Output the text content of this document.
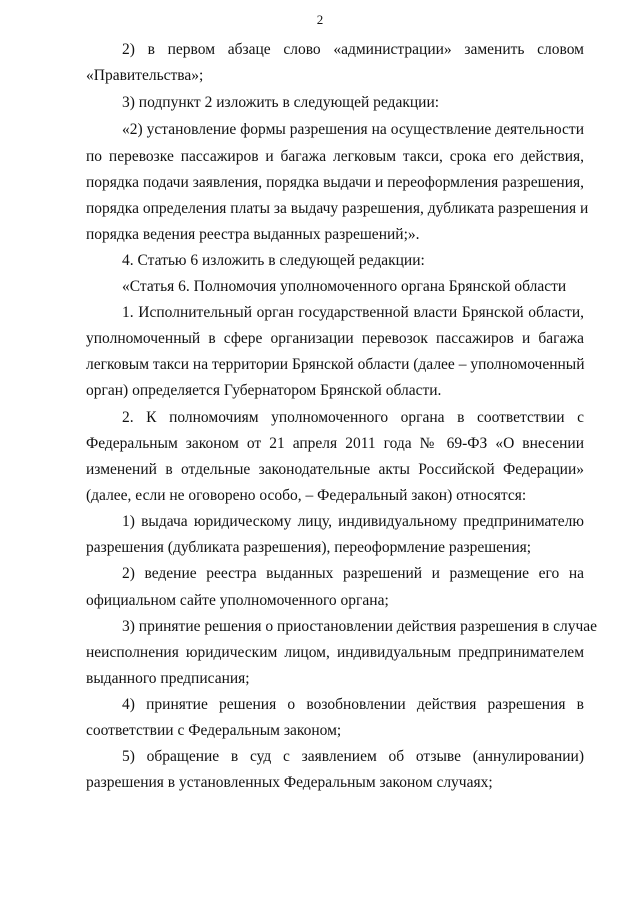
2
2) в первом абзаце слово «администрации» заменить словом
«Правительства»;
3) подпункт 2 изложить в следующей редакции:
«2) установление формы разрешения на осуществление деятельности
по перевозке пассажиров и багажа легковым такси, срока его действия,
порядка подачи заявления, порядка выдачи и переоформления разрешения,
порядка определения платы за выдачу разрешения, дубликата разрешения и
порядка ведения реестра выданных разрешений;».
4. Статью 6 изложить в следующей редакции:
«Статья 6. Полномочия уполномоченного органа Брянской области
1. Исполнительный орган государственной власти Брянской области,
уполномоченный в сфере организации перевозок пассажиров и багажа
легковым такси на территории Брянской области (далее – уполномоченный
орган) определяется Губернатором Брянской области.
2. К полномочиям уполномоченного органа в соответствии с
Федеральным законом от 21 апреля 2011 года № 69-ФЗ «О внесении
изменений в отдельные законодательные акты Российской Федерации»
(далее, если не оговорено особо, – Федеральный закон) относятся:
1) выдача юридическому лицу, индивидуальному предпринимателю
разрешения (дубликата разрешения), переоформление разрешения;
2) ведение реестра выданных разрешений и размещение его на
официальном сайте уполномоченного органа;
3) принятие решения о приостановлении действия разрешения в случае
неисполнения юридическим лицом, индивидуальным предпринимателем
выданного предписания;
4) принятие решения о возобновлении действия разрешения в
соответствии с Федеральным законом;
5) обращение в суд с заявлением об отзыве (аннулировании)
разрешения в установленных Федеральным законом случаях;
